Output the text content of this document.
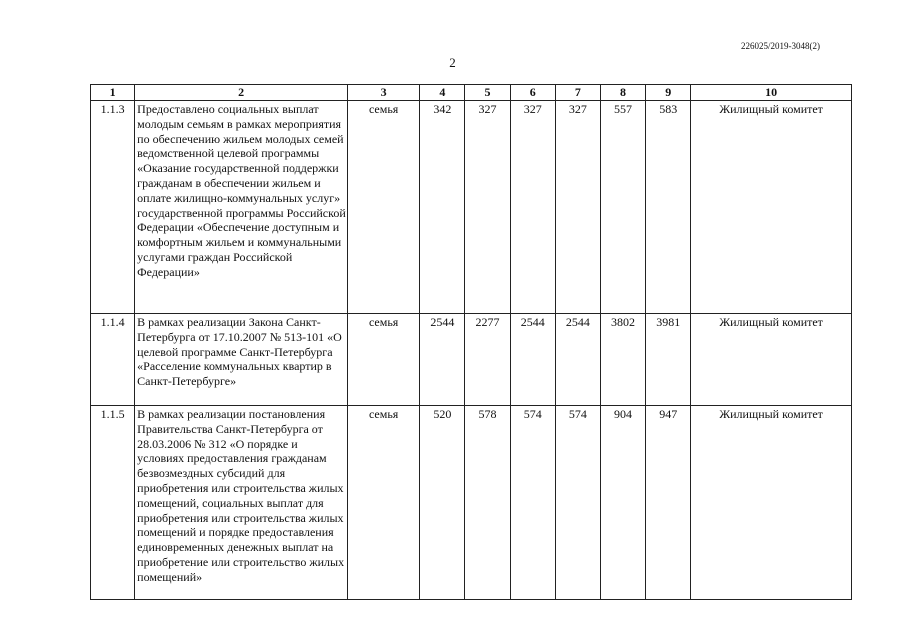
226025/2019-3048(2)
2
1	2	3	4	5	6	7	8	9	10
1.1.3	Предоставлено социальных выплат молодым семьям в рамках мероприятия по обеспечению жильем молодых семей ведомственной целевой программы «Оказание государственной поддержки гражданам в обеспечении жильем и оплате жилищно-коммунальных услуг» государственной программы Российской Федерации «Обеспечение доступным и комфортным жильем и коммунальными услугами граждан Российской Федерации»	семья	342	327	327	327	557	583	Жилищный комитет
1.1.4	В рамках реализации Закона Санкт-Петербурга от 17.10.2007 № 513-101 «О целевой программе Санкт-Петербурга «Расселение коммунальных квартир в Санкт-Петербурге»	семья	2544	2277	2544	2544	3802	3981	Жилищный комитет
1.1.5	В рамках реализации постановления Правительства Санкт-Петербурга от 28.03.2006 № 312 «О порядке и условиях предоставления гражданам безвозмездных субсидий для приобретения или строительства жилых помещений, социальных выплат для приобретения или строительства жилых помещений и порядке предоставления единовременных денежных выплат на приобретение или строительство жилых помещений»	семья	520	578	574	574	904	947	Жилищный комитет
